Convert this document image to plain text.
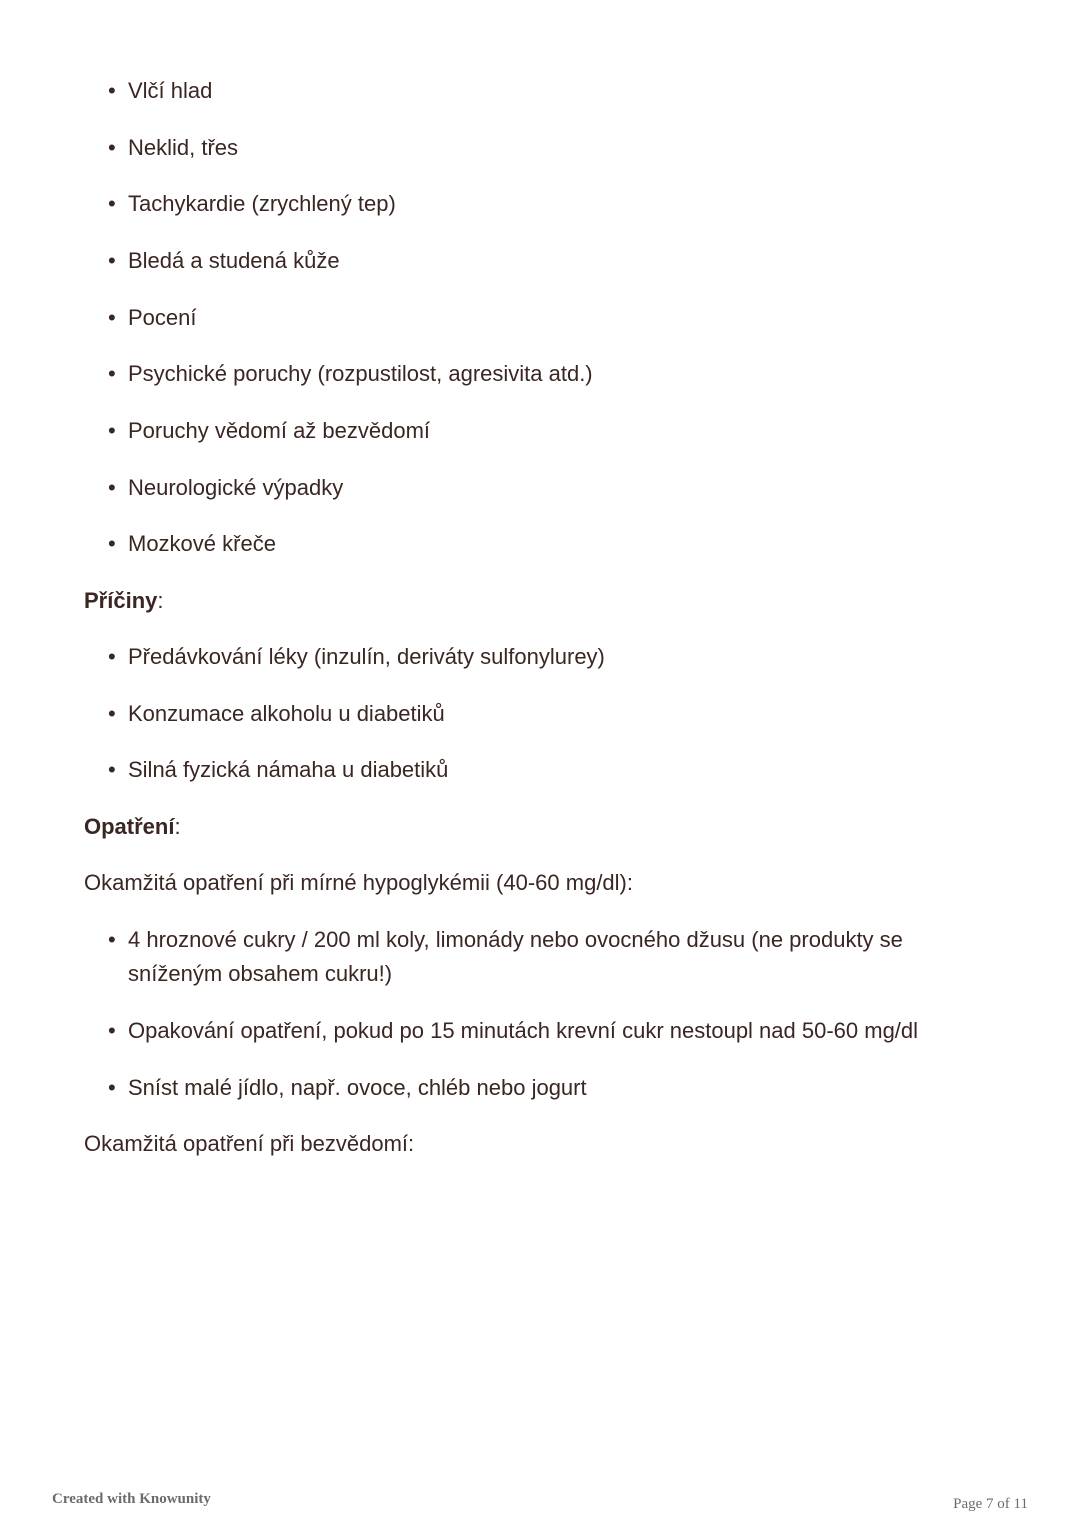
• Vlčí hlad
• Neklid, třes
• Tachykardie (zrychlený tep)
• Bledá a studená kůže
• Pocení
• Psychické poruchy (rozpustilost, agresivita atd.)
• Poruchy vědomí až bezvědomí
• Neurologické výpadky
• Mozkové křeče
Příčiny:
• Předávkování léky (inzulín, deriváty sulfonylurey)
• Konzumace alkoholu u diabetiků
• Silná fyzická námaha u diabetiků
Opatření:
Okamžitá opatření při mírné hypoglykémii (40-60 mg/dl):
• 4 hroznové cukry / 200 ml koly, limonády nebo ovocného džusu (ne produkty se sníženým obsahem cukru!)
• Opakování opatření, pokud po 15 minutách krevní cukr nestoupl nad 50-60 mg/dl
• Sníst malé jídlo, např. ovoce, chléb nebo jogurt
Okamžitá opatření při bezvědomí:
Created with Knowunity	Page 7 of 11
